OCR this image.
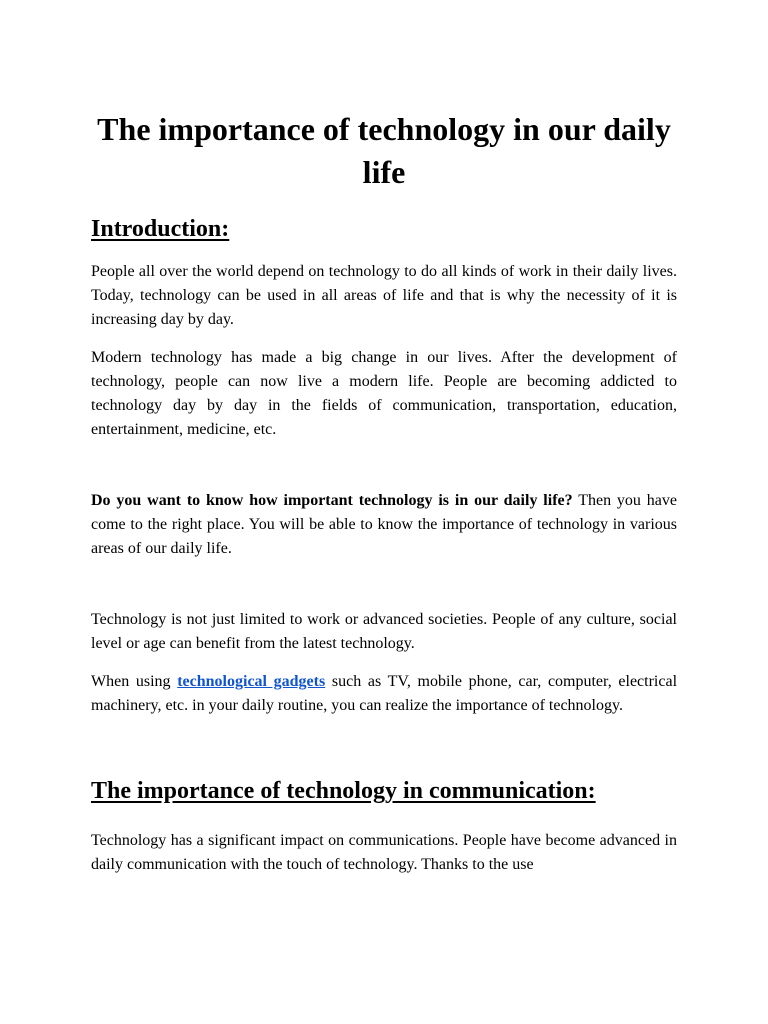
The importance of technology in our daily life
Introduction:

People all over the world depend on technology to do all kinds of work in their daily lives. Today, technology can be used in all areas of life and that is why the necessity of it is increasing day by day.

Modern technology has made a big change in our lives. After the development of technology, people can now live a modern life. People are becoming addicted to technology day by day in the fields of communication, transportation, education, entertainment, medicine, etc.

Do you want to know how important technology is in our daily life? Then you have come to the right place. You will be able to know the importance of technology in various areas of our daily life.

Technology is not just limited to work or advanced societies. People of any culture, social level or age can benefit from the latest technology.

When using technological gadgets such as TV, mobile phone, car, computer, electrical machinery, etc. in your daily routine, you can realize the importance of technology.

The importance of technology in communication:

Technology has a significant impact on communications. People have become advanced in daily communication with the touch of technology. Thanks to the use
